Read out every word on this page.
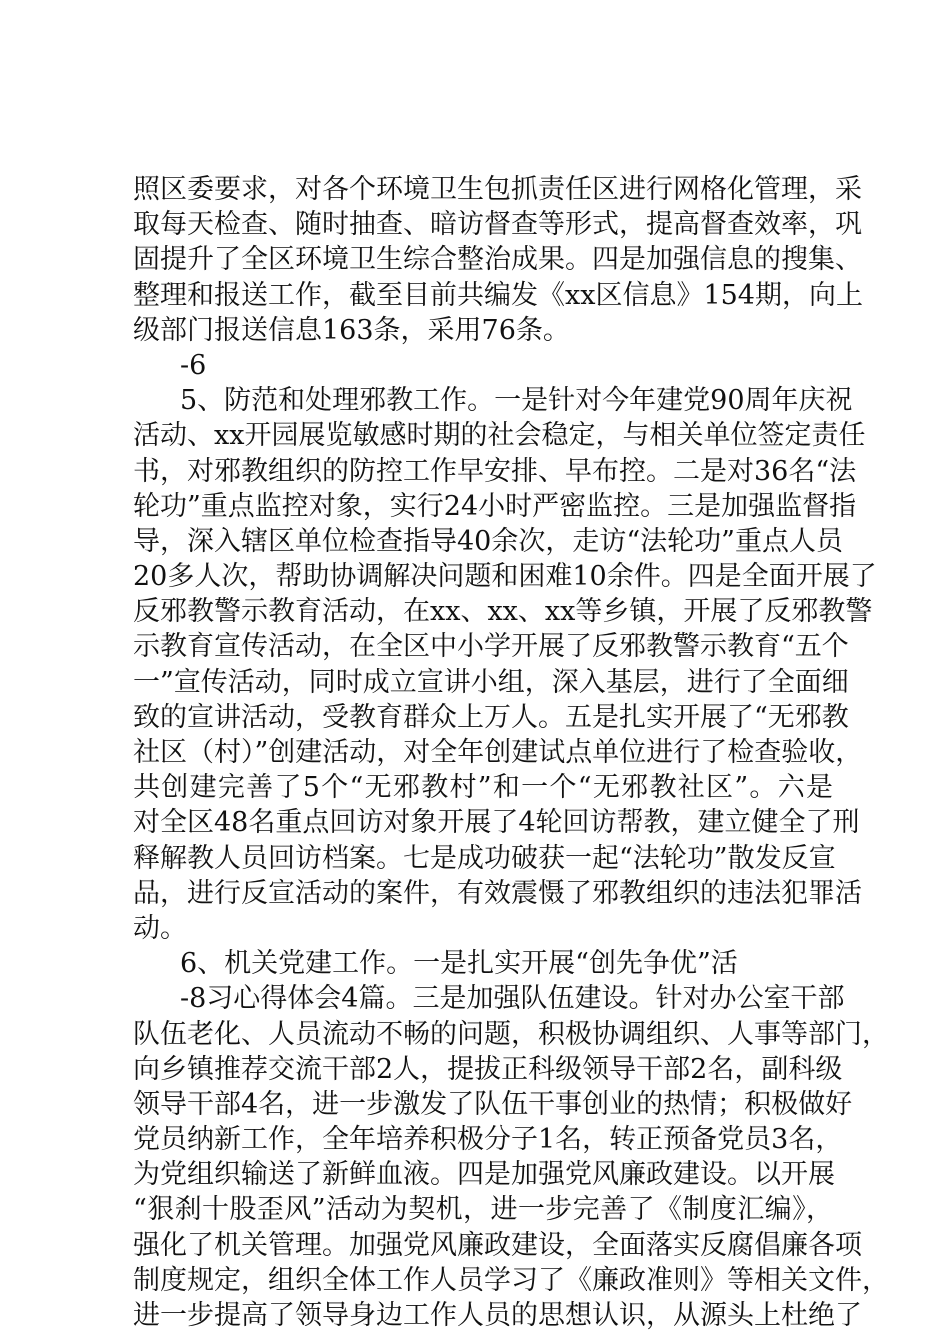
照区委要求，对各个环境卫生包抓责任区进行网格化管理，采
取每天检查、随时抽查、暗访督查等形式，提高督查效率，巩
固提升了全区环境卫生综合整治成果。四是加强信息的搜集、
整理和报送工作，截至目前共编发《xx区信息》154期，向上
级部门报送信息163条，采用76条。
-6
5、防范和处理邪教工作。一是针对今年建党90周年庆祝
活动、xx开园展览敏感时期的社会稳定，与相关单位签定责任
书，对邪教组织的防控工作早安排、早布控。二是对36名“法
轮功”重点监控对象，实行24小时严密监控。三是加强监督指
导，深入辖区单位检查指导40余次，走访“法轮功”重点人员
20多人次，帮助协调解决问题和困难10余件。四是全面开展了
反邪教警示教育活动，在xx、xx、xx等乡镇，开展了反邪教警
示教育宣传活动，在全区中小学开展了反邪教警示教育“五个
一”宣传活动，同时成立宣讲小组，深入基层，进行了全面细
致的宣讲活动，受教育群众上万人。五是扎实开展了“无邪教
社区（村）”创建活动，对全年创建试点单位进行了检查验收，
共创建完善了5个“无邪教村”和一个“无邪教社区”。六是
对全区48名重点回访对象开展了4轮回访帮教，建立健全了刑
释解教人员回访档案。七是成功破获一起“法轮功”散发反宣
品，进行反宣活动的案件，有效震慑了邪教组织的违法犯罪活
动。
6、机关党建工作。一是扎实开展“创先争优”活
-8习心得体会4篇。三是加强队伍建设。针对办公室干部
队伍老化、人员流动不畅的问题，积极协调组织、人事等部门，
向乡镇推荐交流干部2人，提拔正科级领导干部2名，副科级
领导干部4名，进一步激发了队伍干事创业的热情；积极做好
党员纳新工作，全年培养积极分子1名，转正预备党员3名，
为党组织输送了新鲜血液。四是加强党风廉政建设。以开展
“狠刹十股歪风”活动为契机，进一步完善了《制度汇编》，
强化了机关管理。加强党风廉政建设，全面落实反腐倡廉各项
制度规定，组织全体工作人员学习了《廉政准则》等相关文件，
进一步提高了领导身边工作人员的思想认识，从源头上杜绝了
